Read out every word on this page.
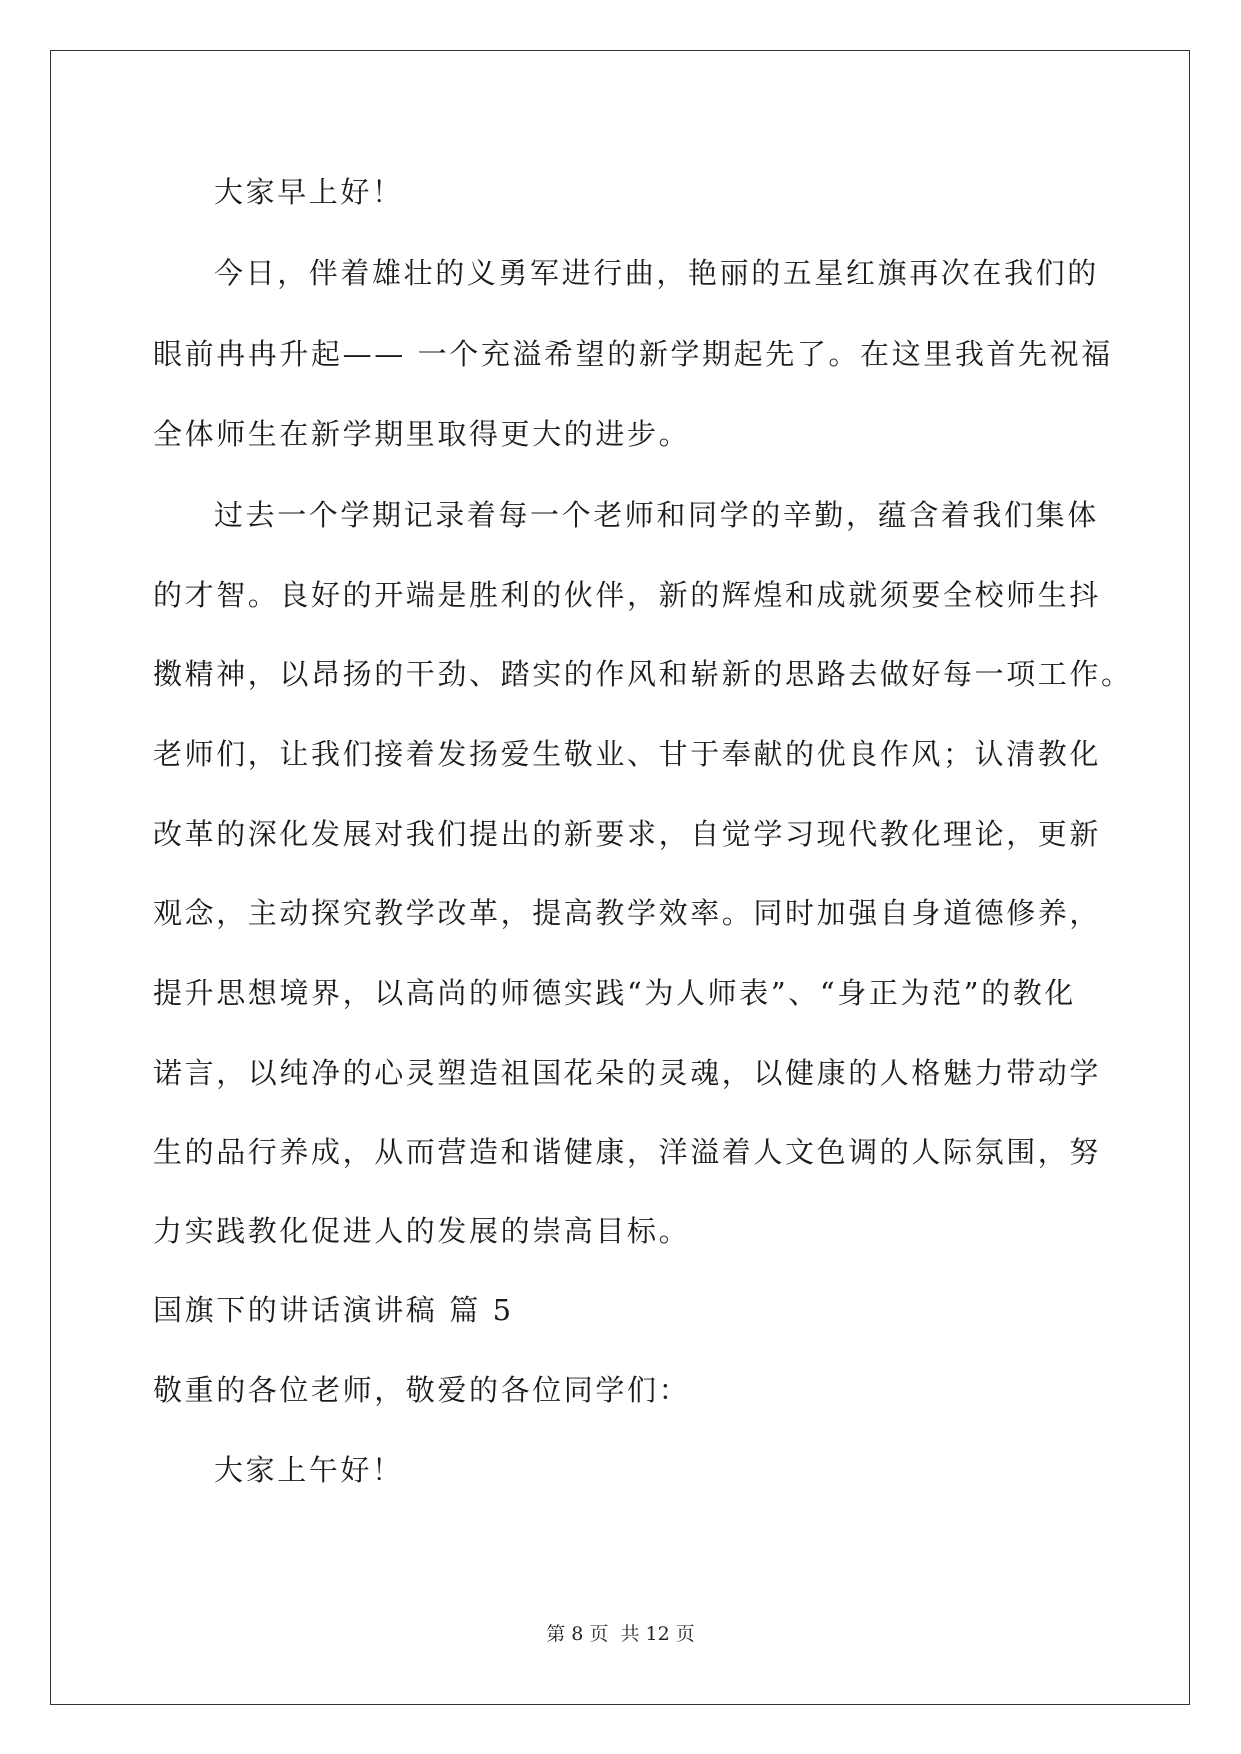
大家早上好！
今日，伴着雄壮的义勇军进行曲，艳丽的五星红旗再次在我们的
眼前冉冉升起—— 一个充溢希望的新学期起先了。在这里我首先祝福
全体师生在新学期里取得更大的进步。
过去一个学期记录着每一个老师和同学的辛勤，蕴含着我们集体
的才智。良好的开端是胜利的伙伴，新的辉煌和成就须要全校师生抖
擞精神，以昂扬的干劲、踏实的作风和崭新的思路去做好每一项工作。
老师们，让我们接着发扬爱生敬业、甘于奉献的优良作风；认清教化
改革的深化发展对我们提出的新要求，自觉学习现代教化理论，更新
观念，主动探究教学改革，提高教学效率。同时加强自身道德修养，
提升思想境界，以高尚的师德实践“为人师表”、“身正为范”的教化
诺言，以纯净的心灵塑造祖国花朵的灵魂，以健康的人格魅力带动学
生的品行养成，从而营造和谐健康，洋溢着人文色调的人际氛围，努
力实践教化促进人的发展的崇高目标。
国旗下的讲话演讲稿 篇 5
敬重的各位老师，敬爱的各位同学们：
大家上午好！
第 8 页 共 12 页
